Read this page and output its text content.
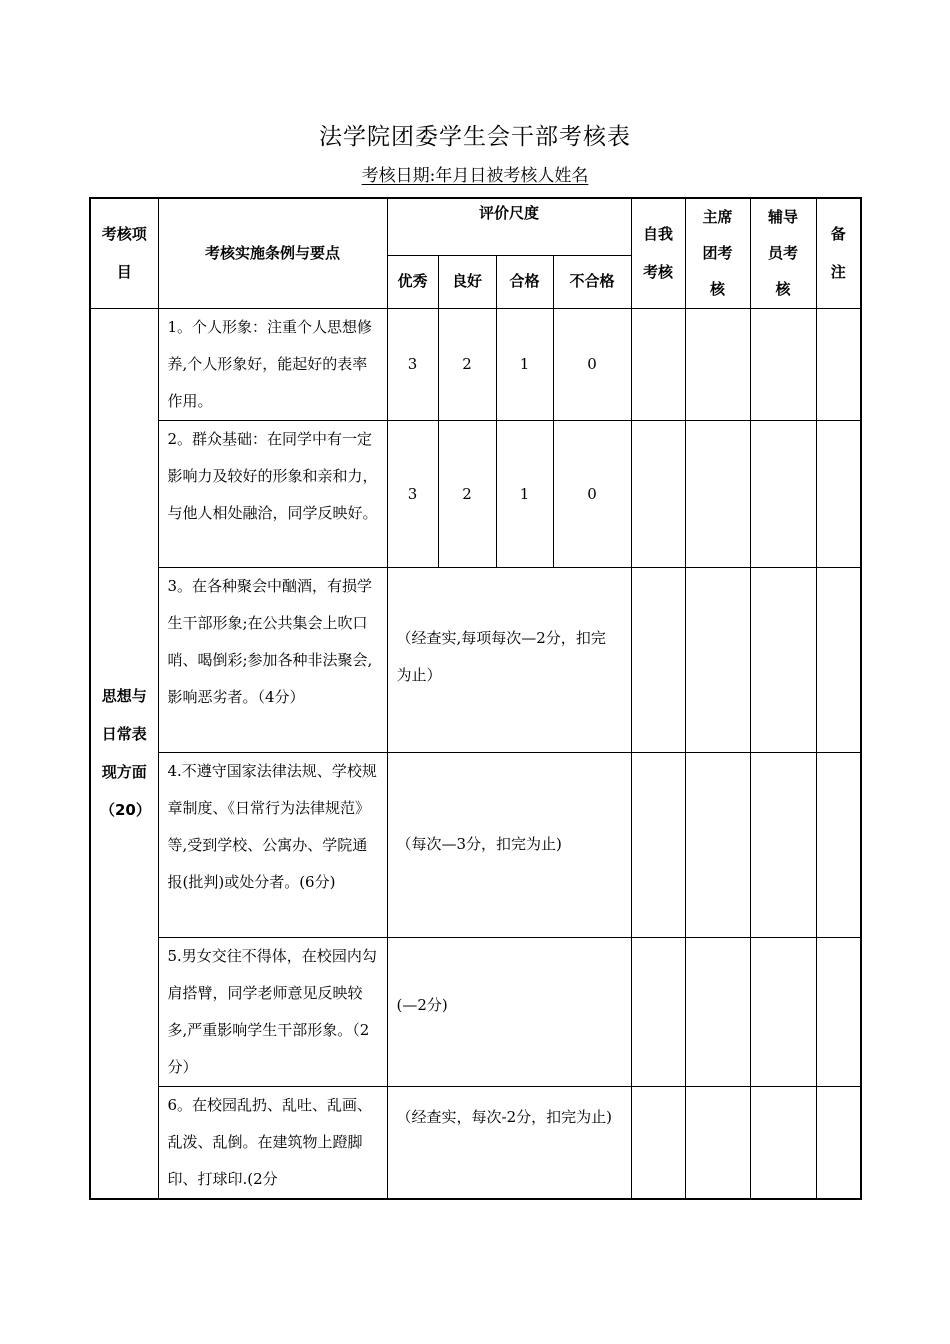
法学院团委学生会干部考核表
考核日期:年月日被考核人姓名
考核项目	考核实施条例与要点	评价尺度				自我考核	主席团考核	辅导员考核	备注

		优秀	良好	合格	不合格				

思想与日常表现方面（20）	1。个人形象：注重个人思想修养,个人形象好，能起好的表率作用。	3	2	1	0				
	2。群众基础：在同学中有一定影响力及较好的形象和亲和力，与他人相处融洽，同学反映好。	3	2	1	0				
	3。在各种聚会中酗酒，有损学生干部形象;在公共集会上吹口哨、喝倒彩;参加各种非法聚会,影响恶劣者。（4分）	（经查实,每项每次—2分，扣完为止）							
	4.不遵守国家法律法规、学校规章制度、《日常行为法律规范》等,受到学校、公寓办、学院通报(批判)或处分者。(6分)	（每次—3分，扣完为止)							
	5.男女交往不得体，在校园内勾肩搭臂，同学老师意见反映较多,严重影响学生干部形象。（2分）	(—2分)							
	6。在校园乱扔、乱吐、乱画、乱泼、乱倒。在建筑物上蹬脚印、打球印.(2分	（经查实，每次-2分，扣完为止)							
